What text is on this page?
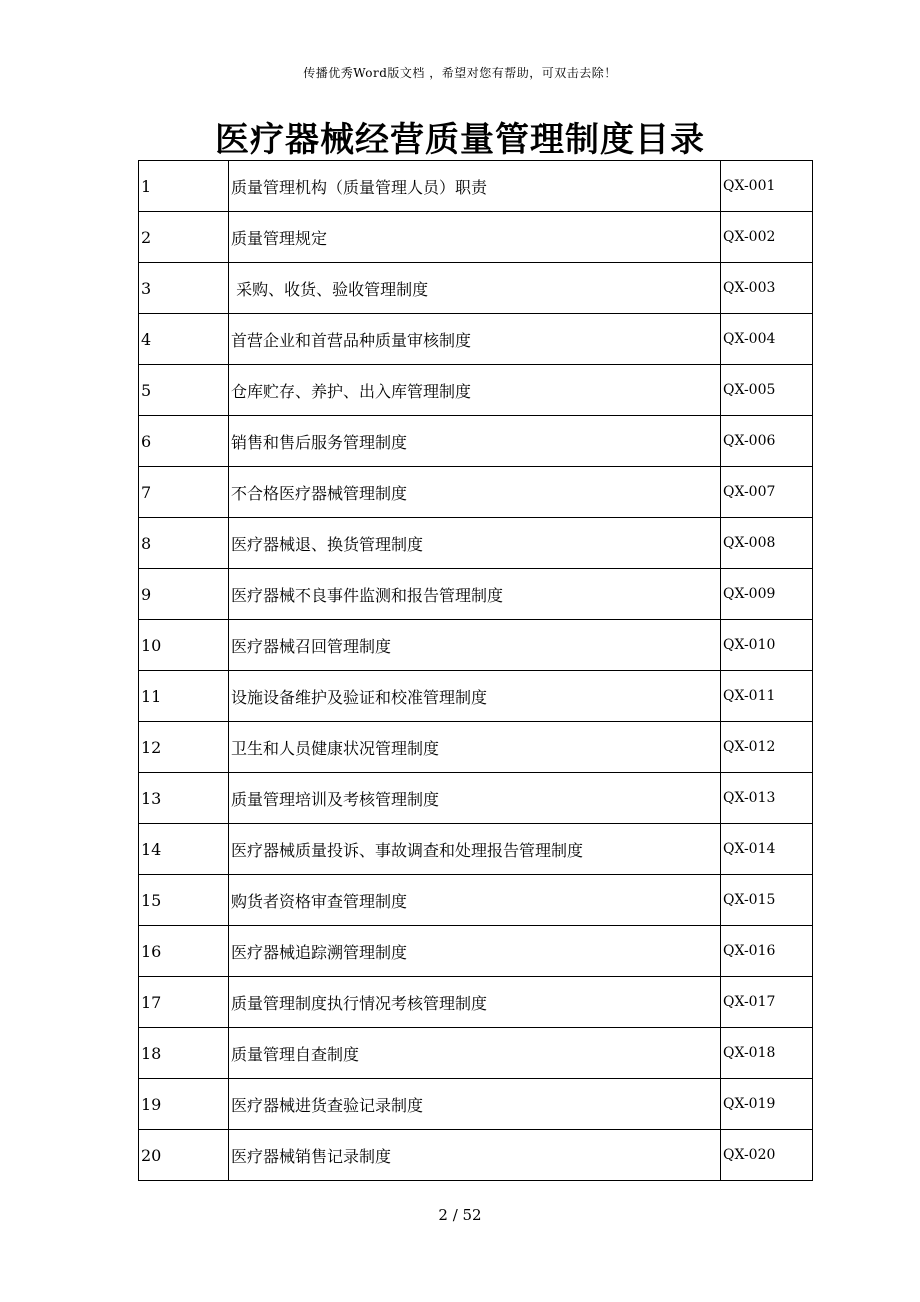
传播优秀Word版文档 ，希望对您有帮助，可双击去除！
医疗器械经营质量管理制度目录
1	质量管理机构（质量管理人员）职责	QX-001
2	质量管理规定	QX-002
3	采购、收货、验收管理制度	QX-003
4	首营企业和首营品种质量审核制度	QX-004
5	仓库贮存、养护、出入库管理制度	QX-005
6	销售和售后服务管理制度	QX-006
7	不合格医疗器械管理制度	QX-007
8	医疗器械退、换货管理制度	QX-008
9	医疗器械不良事件监测和报告管理制度	QX-009
10	医疗器械召回管理制度	QX-010
11	设施设备维护及验证和校准管理制度	QX-011
12	卫生和人员健康状况管理制度	QX-012
13	质量管理培训及考核管理制度	QX-013
14	医疗器械质量投诉、事故调查和处理报告管理制度	QX-014
15	购货者资格审查管理制度	QX-015
16	医疗器械追踪溯管理制度	QX-016
17	质量管理制度执行情况考核管理制度	QX-017
18	质量管理自查制度	QX-018
19	医疗器械进货查验记录制度	QX-019
20	医疗器械销售记录制度	QX-020
2 / 52
